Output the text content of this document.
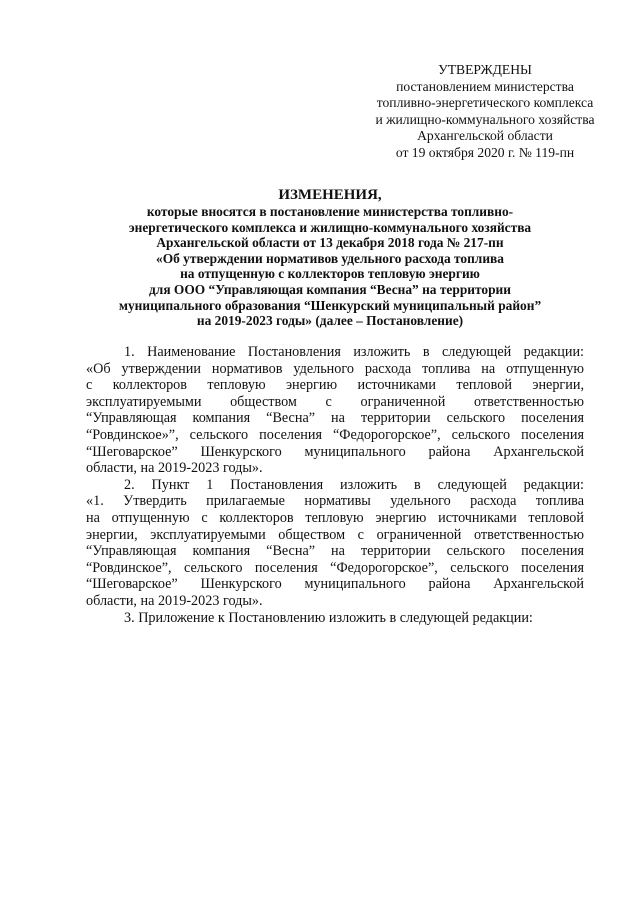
УТВЕРЖДЕНЫ
постановлением министерства
топливно-энергетического комплекса
и жилищно-коммунального хозяйства
Архангельской области
от 19 октября 2020 г. № 119-пн
ИЗМЕНЕНИЯ,
которые вносятся в постановление министерства топливно-
энергетического комплекса и жилищно-коммунального хозяйства
Архангельской области от 13 декабря 2018 года № 217-пн
«Об утверждении нормативов удельного расхода топлива
на отпущенную с коллекторов тепловую энергию
для ООО “Управляющая компания “Весна” на территории
муниципального образования “Шенкурский муниципальный район”
на 2019-2023 годы» (далее – Постановление)
1. Наименование Постановления изложить в следующей редакции:
«Об утверждении нормативов удельного расхода топлива на отпущенную
с коллекторов тепловую энергию источниками тепловой энергии,
эксплуатируемыми обществом с ограниченной ответственностью
“Управляющая компания “Весна” на территории сельского поселения
“Ровдинское»”, сельского поселения “Федорогорское”, сельского поселения
“Шеговарское” Шенкурского муниципального района Архангельской
области, на 2019-2023 годы».
2. Пункт 1 Постановления изложить в следующей редакции:
«1. Утвердить прилагаемые нормативы удельного расхода топлива
на отпущенную с коллекторов тепловую энергию источниками тепловой
энергии, эксплуатируемыми обществом с ограниченной ответственностью
“Управляющая компания “Весна” на территории сельского поселения
“Ровдинское”, сельского поселения “Федорогорское”, сельского поселения
“Шеговарское” Шенкурского муниципального района Архангельской
области, на 2019-2023 годы».
3. Приложение к Постановлению изложить в следующей редакции:
